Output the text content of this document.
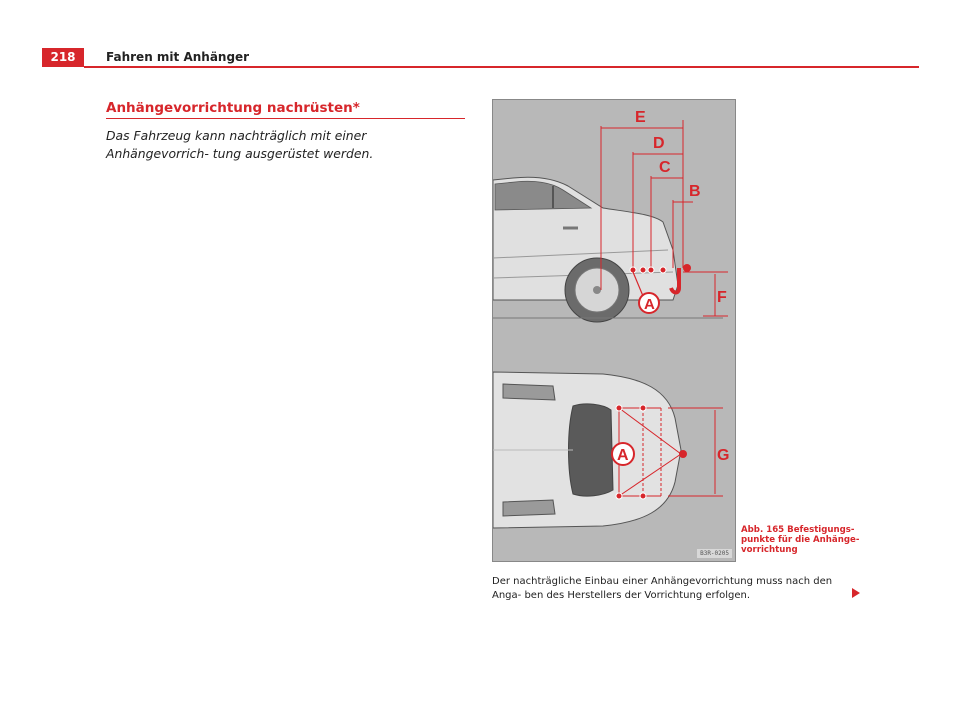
218	Fahren mit Anhänger
Anhängevorrichtung nachrüsten*
Das Fahrzeug kann nachträglich mit einer Anhängevorrich- tung ausgerüstet werden.
A
E
D
C
B
F
A	G
B3R-0205
Abb. 165 Befestigungs- punkte für die Anhänge- vorrichtung
Der nachträgliche Einbau einer Anhängevorrichtung muss nach den Anga- ben des Herstellers der Vorrichtung erfolgen.
